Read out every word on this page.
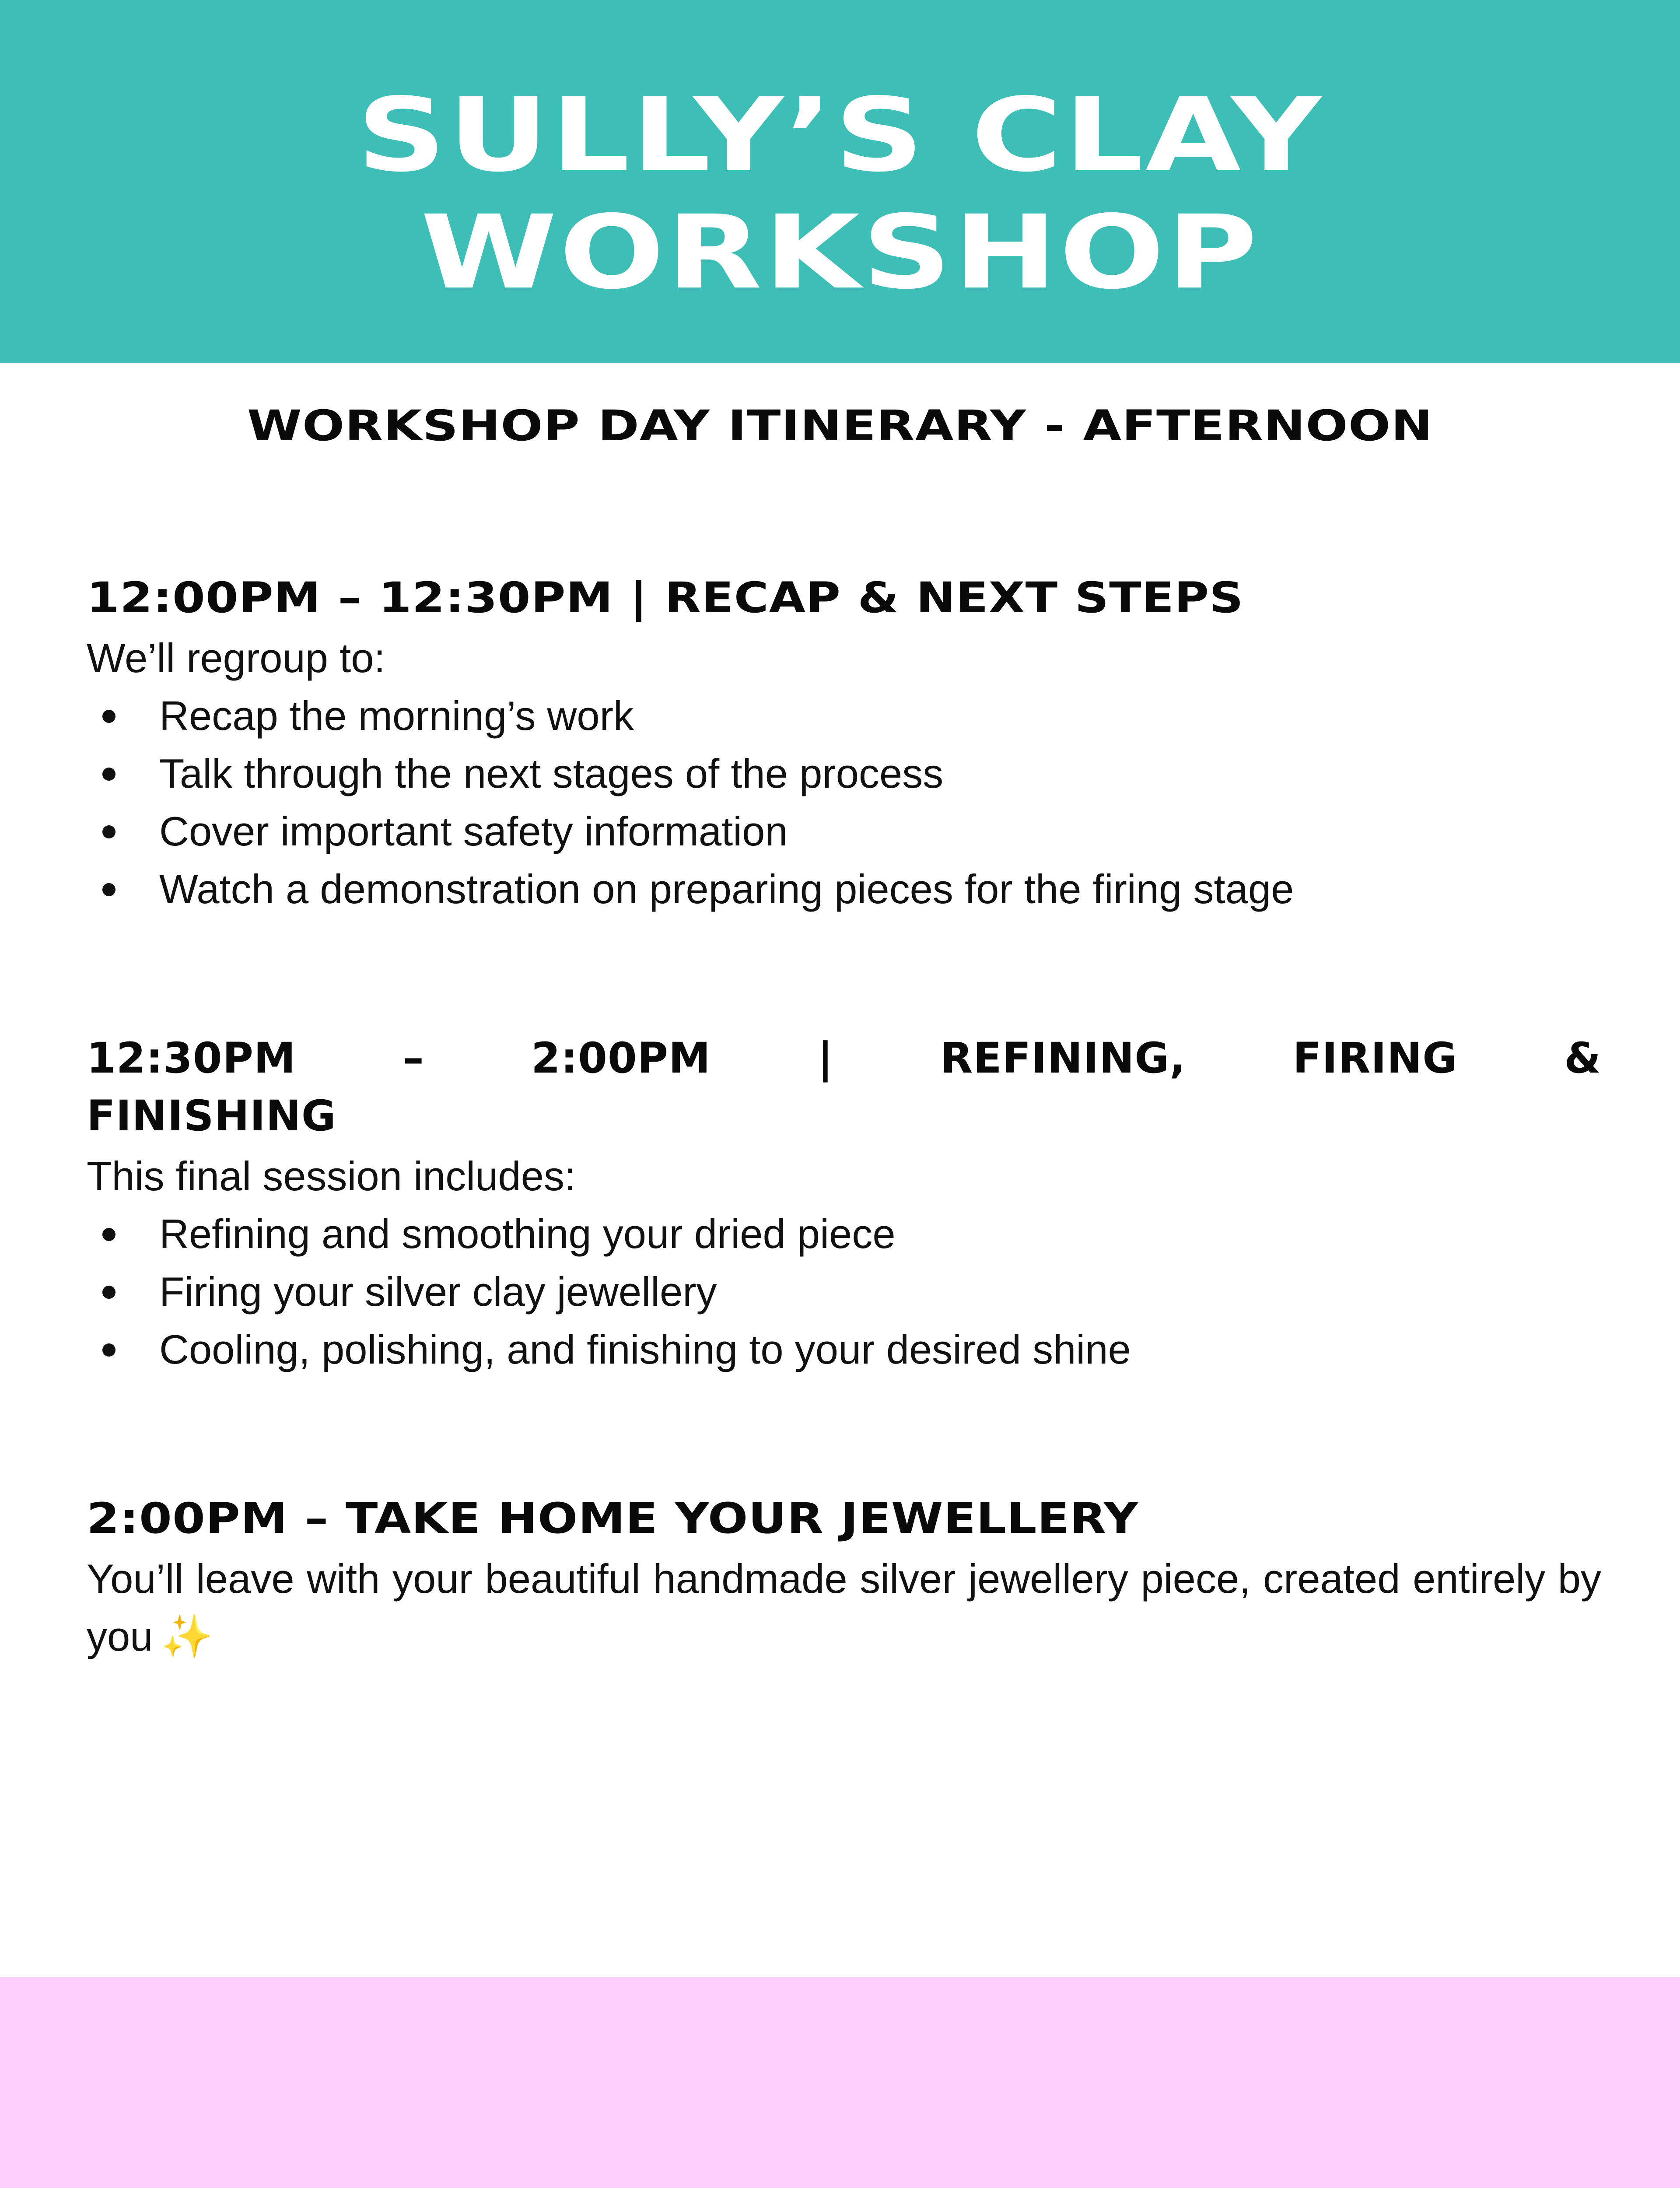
SULLY’S CLAY
WORKSHOP
WORKSHOP DAY ITINERARY - AFTERNOON
12:00PM – 12:30PM | RECAP & NEXT STEPS

We’ll regroup to:

Recap the morning’s work
Talk through the next stages of the process
Cover important safety information
Watch a demonstration on preparing pieces for the firing stage
12:30PM	–	2:00PM	|	REFINING,	FIRING	&
FINISHING

This final session includes:

Refining and smoothing your dried piece
Firing your silver clay jewellery
Cooling, polishing, and finishing to your desired shine
2:00PM – TAKE HOME YOUR JEWELLERY

You’ll leave with your beautiful handmade silver jewellery piece, created entirely by you ✨
